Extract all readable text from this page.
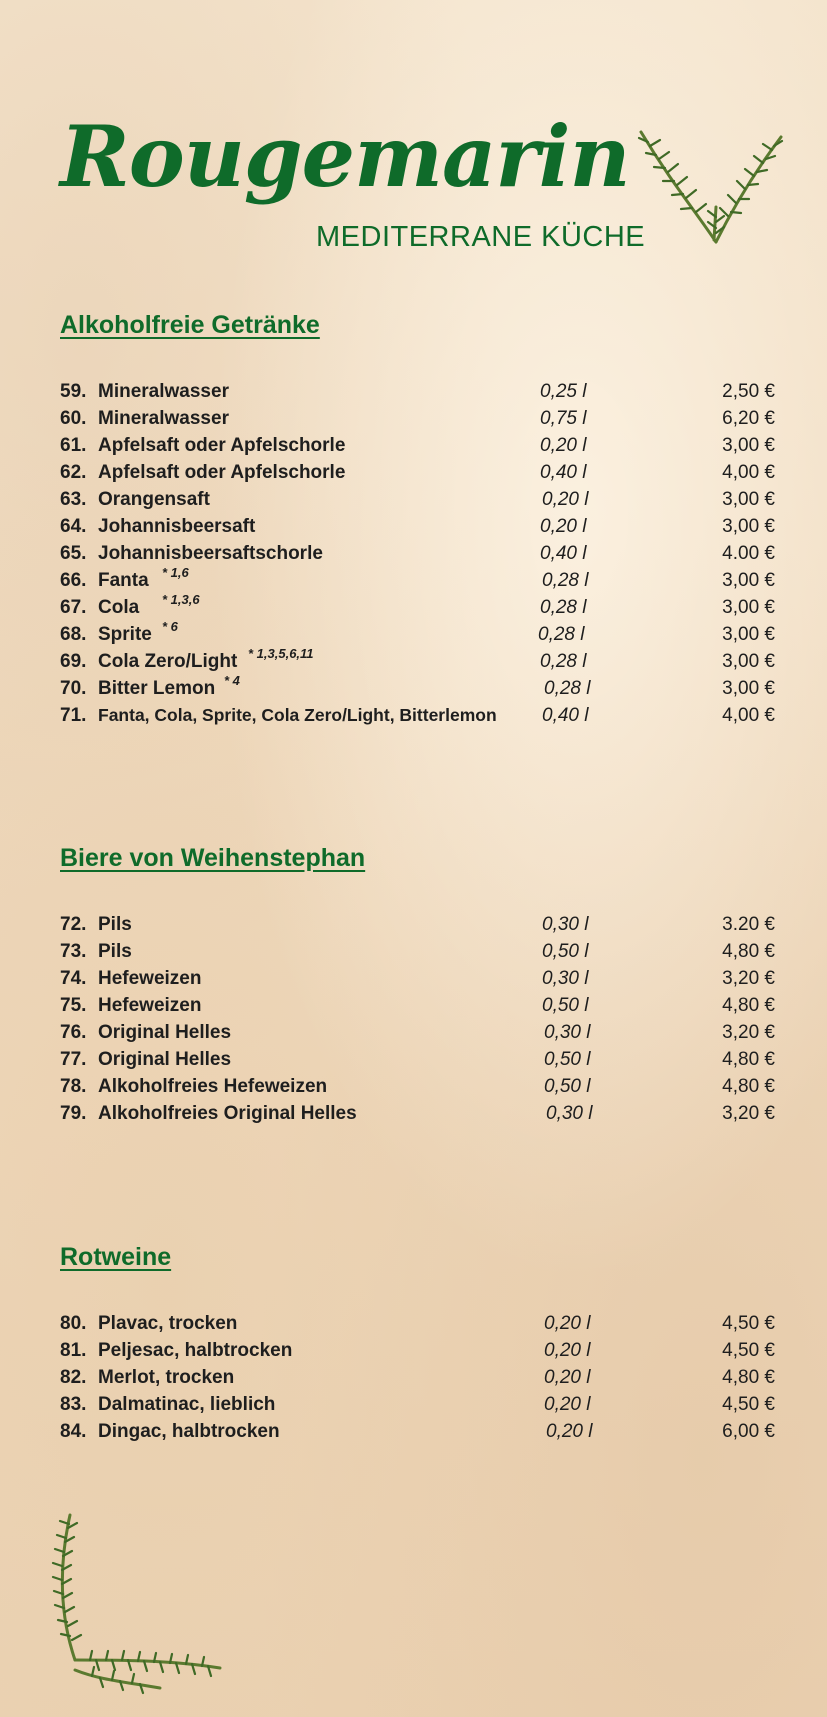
Rougemarin
MEDITERRANE KÜCHE
Alkoholfreie Getränke
59. Mineralwasser	0,25 l	2,50 €
60. Mineralwasser	0,75 l	6,20 €
61. Apfelsaft oder Apfelschorle	0,20 l	3,00 €
62. Apfelsaft oder Apfelschorle	0,40 l	4,00 €
63. Orangensaft	0,20 l	3,00 €
64. Johannisbeersaft	0,20 l	3,00 €
65. Johannisbeersaftschorle	0,40 l	4.00 €
66. Fanta * 1,6	0,28 l	3,00 €
67. Cola * 1,3,6	0,28 l	3,00 €
68. Sprite * 6	0,28 l	3,00 €
69. Cola Zero/Light * 1,3,5,6,11	0,28 l	3,00 €
70. Bitter Lemon * 4	0,28 l	3,00 €
71. Fanta, Cola, Sprite, Cola Zero/Light, Bitterlemon 0,40 l	4,00 €
Biere von Weihenstephan
72. Pils	0,30 l	3.20 €
73. Pils	0,50 l	4,80 €
74. Hefeweizen	0,30 l	3,20 €
75. Hefeweizen	0,50 l	4,80 €
76. Original Helles	0,30 l	3,20 €
77. Original Helles	0,50 l	4,80 €
78. Alkoholfreies Hefeweizen	0,50 l	4,80 €
79. Alkoholfreies Original Helles	0,30 l	3,20 €
Rotweine
80. Plavac, trocken	0,20 l	4,50 €
81. Peljesac, halbtrocken	0,20 l	4,50 €
82. Merlot, trocken	0,20 l	4,80 €
83. Dalmatinac, lieblich	0,20 l	4,50 €
84. Dingac, halbtrocken	0,20 l	6,00 €
